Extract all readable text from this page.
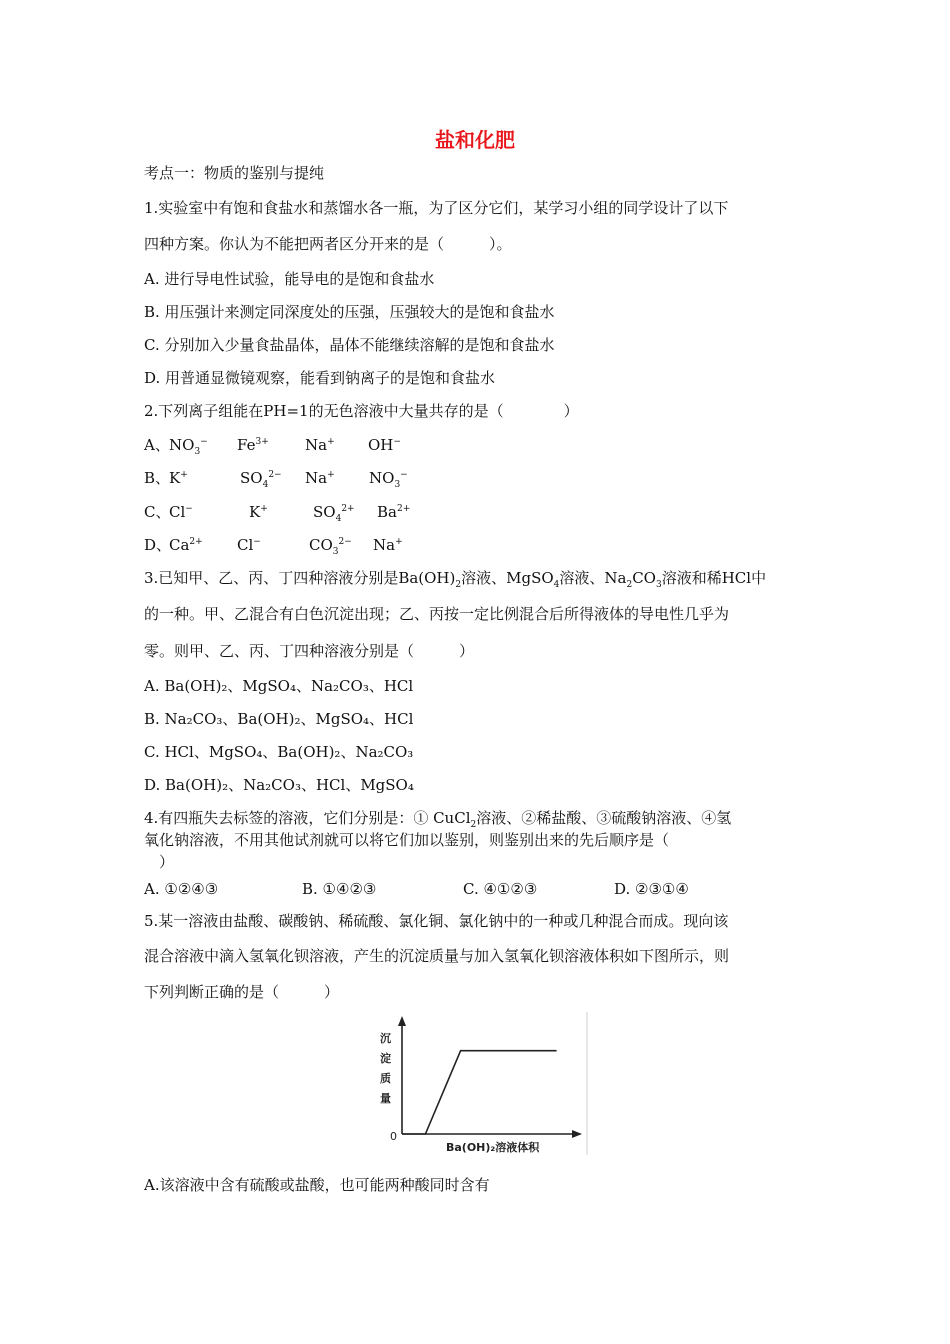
盐和化肥
考点一：物质的鉴别与提纯
1.实验室中有饱和食盐水和蒸馏水各一瓶，为了区分它们，某学习小组的同学设计了以下
四种方案。你认为不能把两者区分开来的是（　　　）。
A. 进行导电性试验，能导电的是饱和食盐水
B. 用压强计来测定同深度处的压强，压强较大的是饱和食盐水
C. 分别加入少量食盐晶体，晶体不能继续溶解的是饱和食盐水
D. 用普通显微镜观察，能看到钠离子的是饱和食盐水
2.下列离子组能在PH=1的无色溶液中大量共存的是（　　　　）
A、$NO_3^-$ $Fe^{3+}$ Na+ OH−
B、K+	$SO_4^{2-}$ Na+ $NO_3^-$
C、Cl−	K+	$SO_4^{2+}$ $Ba^{2+}$
D、$Ca^{2+}$ Cl−	$CO_3^{2-}$ Na+
3.已知甲、乙、丙、丁四种溶液分别是$Ba(OH)_2$溶液、MgSO$_4$溶液、$Na_2CO_3$溶液和稀HCl中
的一种。甲、乙混合有白色沉淀出现；乙、丙按一定比例混合后所得液体的导电性几乎为
零。则甲、乙、丙、丁四种溶液分别是（　　　）
A. Ba(OH)₂、MgSO₄、Na₂CO₃、HCl
B. Na₂CO₃、Ba(OH)₂、MgSO₄、HCl
C. HCl、MgSO₄、Ba(OH)₂、Na₂CO₃
D. Ba(OH)₂、Na₂CO₃、HCl、MgSO₄
4.有四瓶失去标签的溶液，它们分别是：① CuCl$_2$溶液、②稀盐酸、③硫酸钠溶液、④氢
氧化钠溶液，不用其他试剂就可以将它们加以鉴别，则鉴别出来的先后顺序是（
　）
A. ①②④③	B. ①④②③	C. ④①②③	D. ②③①④
5.某一溶液由盐酸、碳酸钠、稀硫酸、氯化铜、氯化钠中的一种或几种混合而成。现向该
混合溶液中滴入氢氧化钡溶液，产生的沉淀质量与加入氢氧化钡溶液体积如下图所示，则
下列判断正确的是（　　　）
沉
淀
质
量
0
Ba(OH)₂溶液体积
A.该溶液中含有硫酸或盐酸，也可能两种酸同时含有
